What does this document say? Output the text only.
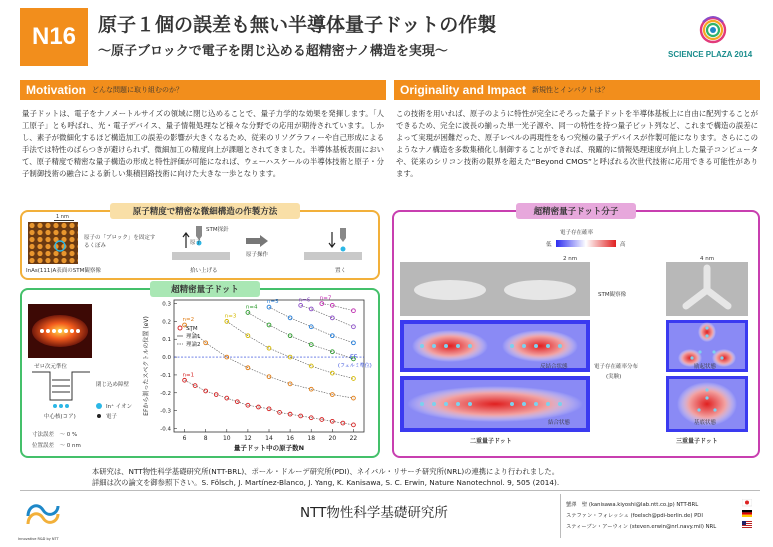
N16	原子１個の誤差も無い半導体量子ドットの作製
〜原子ブロックで電子を閉じ込める超精密ナノ構造を実現〜	SCIENCE PLAZA 2014
Motivation どんな問題に取り組むのか？	Originality and Impact 新規性とインパクトは？
量子ドットは、電子をナノメートルサイズの領域に閉じ込めることで、量子力学的な効果を発揮します。「人工原子」とも呼ばれ、光・電子デバイス、量子情報処理など様々な分野での応用が期待されています。しかし、素子が微細化するほど構造加工の誤差の影響が大きくなるため、従来のリソグラフィーや自己形成による手法では特性のばらつきが避けられず、微細加工の精度向上が課題とされてきました。半導体基板表面において、原子精度で精密な量子構造の形成と特性評価が可能になれば、ウェーハスケールの半導体技術と原子・分子制御技術の融合による新しい集積回路技術に向けた大きな一歩となります。
この技術を用いれば、原子のように特性が完全にそろった量子ドットを半導体基板上に自由に配列することができるため、完全に波長の揃った単一光子源や、同一の特性を持つ量子ビット列など、これまで構造の誤差によって実現が困難だった、原子レベルの再現性をもつ究極の量子デバイスが作製可能になります。さらにこのようなナノ構造を多数集積化し制御することができれば、飛躍的に情報処理速度が向上した量子コンピュータや、従来のシリコン技術の限界を超えた“Beyond CMOS”と呼ばれる次世代技術に応用できる可能性があります。
原子精度で精密な微細構造の作製方法
1 nm
InAs(111)A表面のSTM観察像
原子の「ブロック」を固定するくぼみ
STM探針
原子
拾い上げる
原子操作
置く
超精密量子ドット
ゼロ次元準位
閉じ込め障壁
中心核(コア)
In⁺ イオン
電子
寸法誤差　〜 0 %
位置誤差　〜 0 nm
-0.4
-0.3
-0.2
-0.1
0.0
0.1
0.2
0.3
6	8	10 12 14 16 18 20 22
EF
(フェルミ準位)
n=1
n=2
n=3
n=4
n=5	n=6 n=7
STM
理論1
理論2
量子ドット中の原子数N
EFから測ったスペクトルの位置 (eV)
超精密量子ドット分子
電子存在確率
低	高
2 nm	4 nm
STM観察像
反結合状態	電子存在確率分布
(実験)
励起状態
結合状態	基底状態
二重量子ドット	三重量子ドット
本研究は、NTT物性科学基礎研究所(NTT-BRL)、ポール・ドルーデ研究所(PDI)、ネイバル・リサーチ研究所(NRL)の連携により行われました。
詳細は次の論文を御参照下さい。S. Fölsch, J. Martínez-Blanco, J. Yang, K. Kanisawa, S. C. Erwin, Nature Nanotechnol. 9, 505 (2014).
Innovative R&D by NTT
NTT物性科学基礎研究所	蟹澤　聖 (kanisawa.kiyoshi@lab.ntt.co.jp) NTT-BRL
ステファン・フォレッシュ (foelsch@pdi-berlin.de) PDI
スティーブン・アーウィン (steven.erwin@nrl.navy.mil) NRL
